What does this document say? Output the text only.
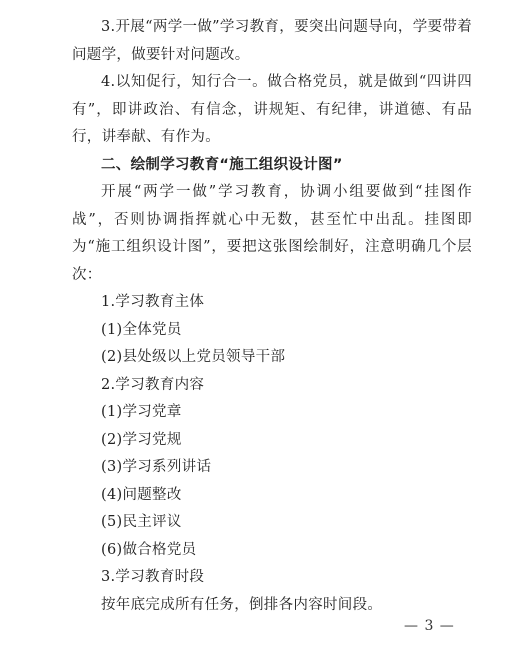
3.开展“两学一做”学习教育，要突出问题导向，学要带着问题学，做要针对问题改。

4.以知促行，知行合一。做合格党员，就是做到“四讲四有”，即讲政治、有信念，讲规矩、有纪律，讲道德、有品行，讲奉献、有作为。

二、绘制学习教育“施工组织设计图”

开展“两学一做”学习教育，协调小组要做到“挂图作战”，否则协调指挥就心中无数，甚至忙中出乱。挂图即为“施工组织设计图”，要把这张图绘制好，注意明确几个层次：

1.学习教育主体

(1)全体党员

(2)县处级以上党员领导干部

2.学习教育内容

(1)学习党章

(2)学习党规

(3)学习系列讲话

(4)问题整改

(5)民主评议

(6)做合格党员

3.学习教育时段

按年底完成所有任务，倒排各内容时间段。

— 3 —
